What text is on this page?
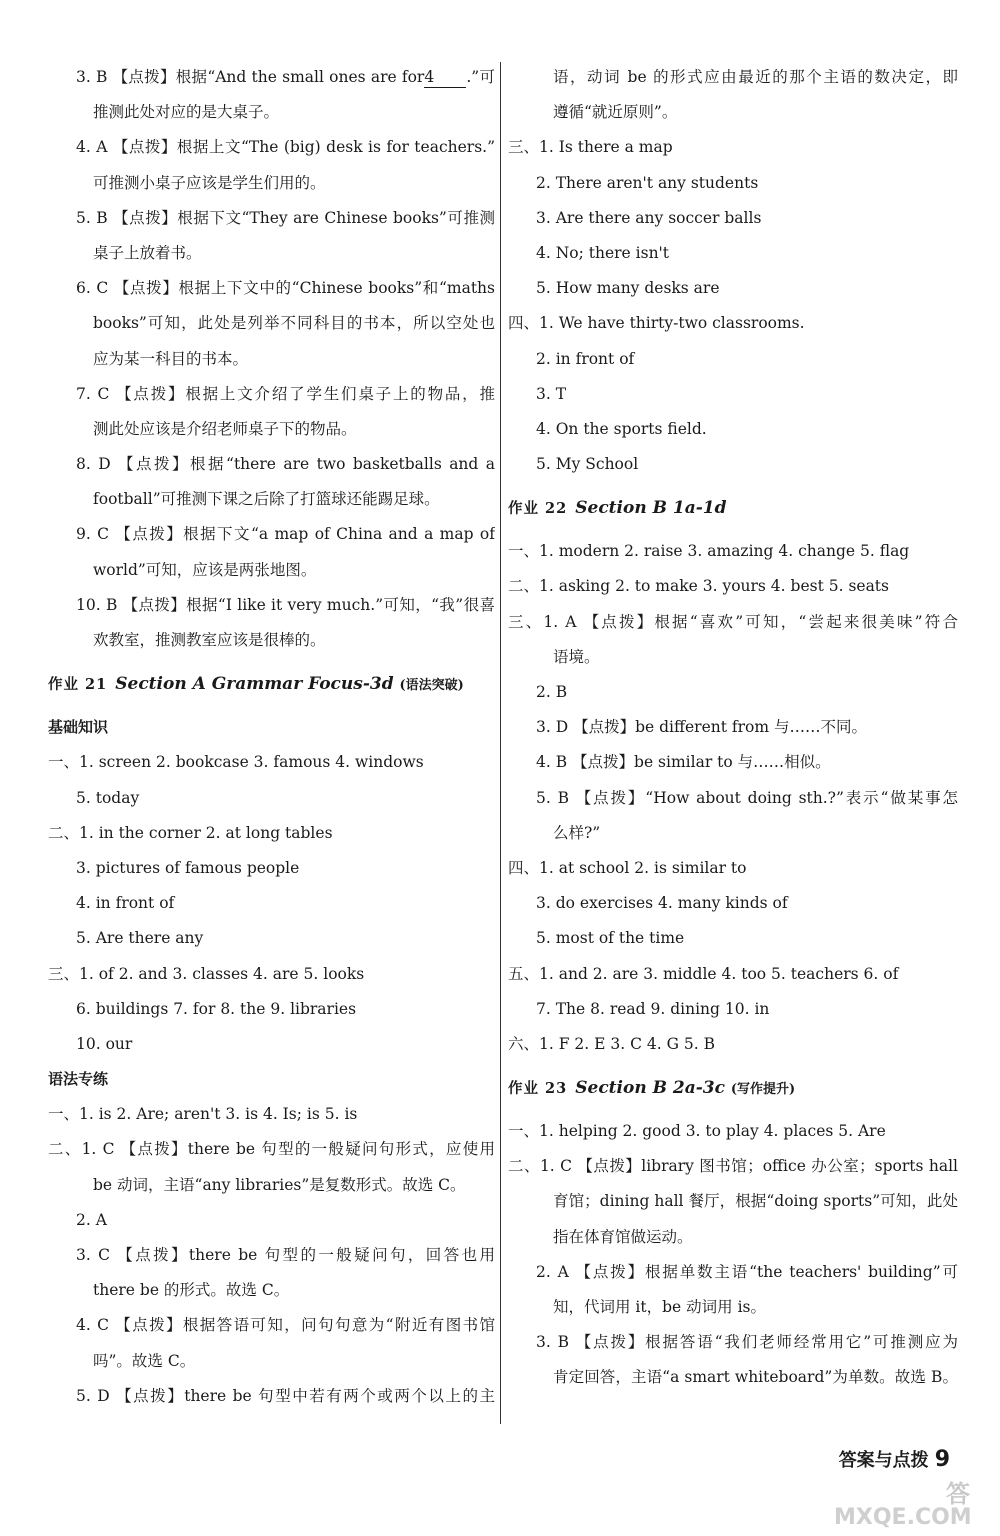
3. B 【点拨】根据“And the small ones are for4 .”可
推测此处对应的是大桌子。
4. A 【点拨】根据上文“The (big) desk is for teachers.”
可推测小桌子应该是学生们用的。
5. B 【点拨】根据下文“They are Chinese books”可推测
桌子上放着书。
6. C 【点拨】根据上下文中的“Chinese books”和“maths
books”可知，此处是列举不同科目的书本，所以空处也
应为某一科目的书本。
7. C 【点拨】根据上文介绍了学生们桌子上的物品，推
测此处应该是介绍老师桌子下的物品。
8. D 【点拨】根据“there are two basketballs and a
football”可推测下课之后除了打篮球还能踢足球。
9. C 【点拨】根据下文“a map of China and a map of
world”可知，应该是两张地图。
10. B 【点拨】根据“I like it very much.”可知，“我”很喜
欢教室，推测教室应该是很棒的。
作业 21 Section A Grammar Focus-3d (语法突破)
基础知识
一、1. screen 2. bookcase 3. famous 4. windows
5. today
二、1. in the corner 2. at long tables
3. pictures of famous people
4. in front of
5. Are there any
三、1. of 2. and 3. classes 4. are 5. looks
6. buildings 7. for 8. the 9. libraries
10. our
语法专练
一、1. is 2. Are; aren't 3. is 4. Is; is 5. is
二、1. C 【点拨】there be 句型的一般疑问句形式，应使用
be 动词，主语“any libraries”是复数形式。故选 C。
2. A
3. C 【点拨】there be 句型的一般疑问句，回答也用
there be 的形式。故选 C。
4. C 【点拨】根据答语可知，问句句意为“附近有图书馆
吗”。故选 C。
5. D 【点拨】there be 句型中若有两个或两个以上的主
语，动词 be 的形式应由最近的那个主语的数决定，即
遵循“就近原则”。
三、1. Is there a map
2. There aren't any students
3. Are there any soccer balls
4. No; there isn't
5. How many desks are
四、1. We have thirty-two classrooms.
2. in front of
3. T
4. On the sports field.
5. My School
作业 22 Section B 1a-1d
一、1. modern 2. raise 3. amazing 4. change 5. flag
二、1. asking 2. to make 3. yours 4. best 5. seats
三、1. A 【点拨】根据“喜欢”可知，“尝起来很美味”符合
语境。
2. B
3. D 【点拨】be different from 与……不同。
4. B 【点拨】be similar to 与……相似。
5. B 【点拨】“How about doing sth.?”表示“做某事怎
么样?”
四、1. at school 2. is similar to
3. do exercises 4. many kinds of
5. most of the time
五、1. and 2. are 3. middle 4. too 5. teachers 6. of
7. The 8. read 9. dining 10. in
六、1. F 2. E 3. C 4. G 5. B
作业 23 Section B 2a-3c (写作提升)
一、1. helping 2. good 3. to play 4. places 5. Are
二、1. C 【点拨】library 图书馆；office 办公室；sports hall
育馆；dining hall 餐厅，根据“doing sports”可知，此处
指在体育馆做运动。
2. A 【点拨】根据单数主语“the teachers' building”可
知，代词用 it，be 动词用 is。
3. B 【点拨】根据答语“我们老师经常用它”可推测应为
肯定回答，主语“a smart whiteboard”为单数。故选 B。
答案与点拨 9
答
MXQE.COM
